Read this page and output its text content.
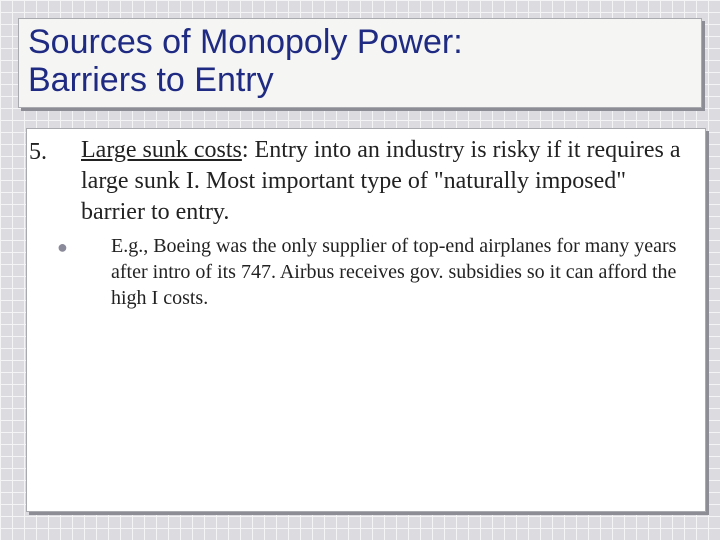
Sources of Monopoly Power:
Barriers to Entry
5. Large sunk costs: Entry into an industry is risky if it requires a large sunk I. Most important type of "naturally imposed" barrier to entry.
● E.g., Boeing was the only supplier of top-end airplanes for many years after intro of its 747. Airbus receives gov. subsidies so it can afford the high I costs.
